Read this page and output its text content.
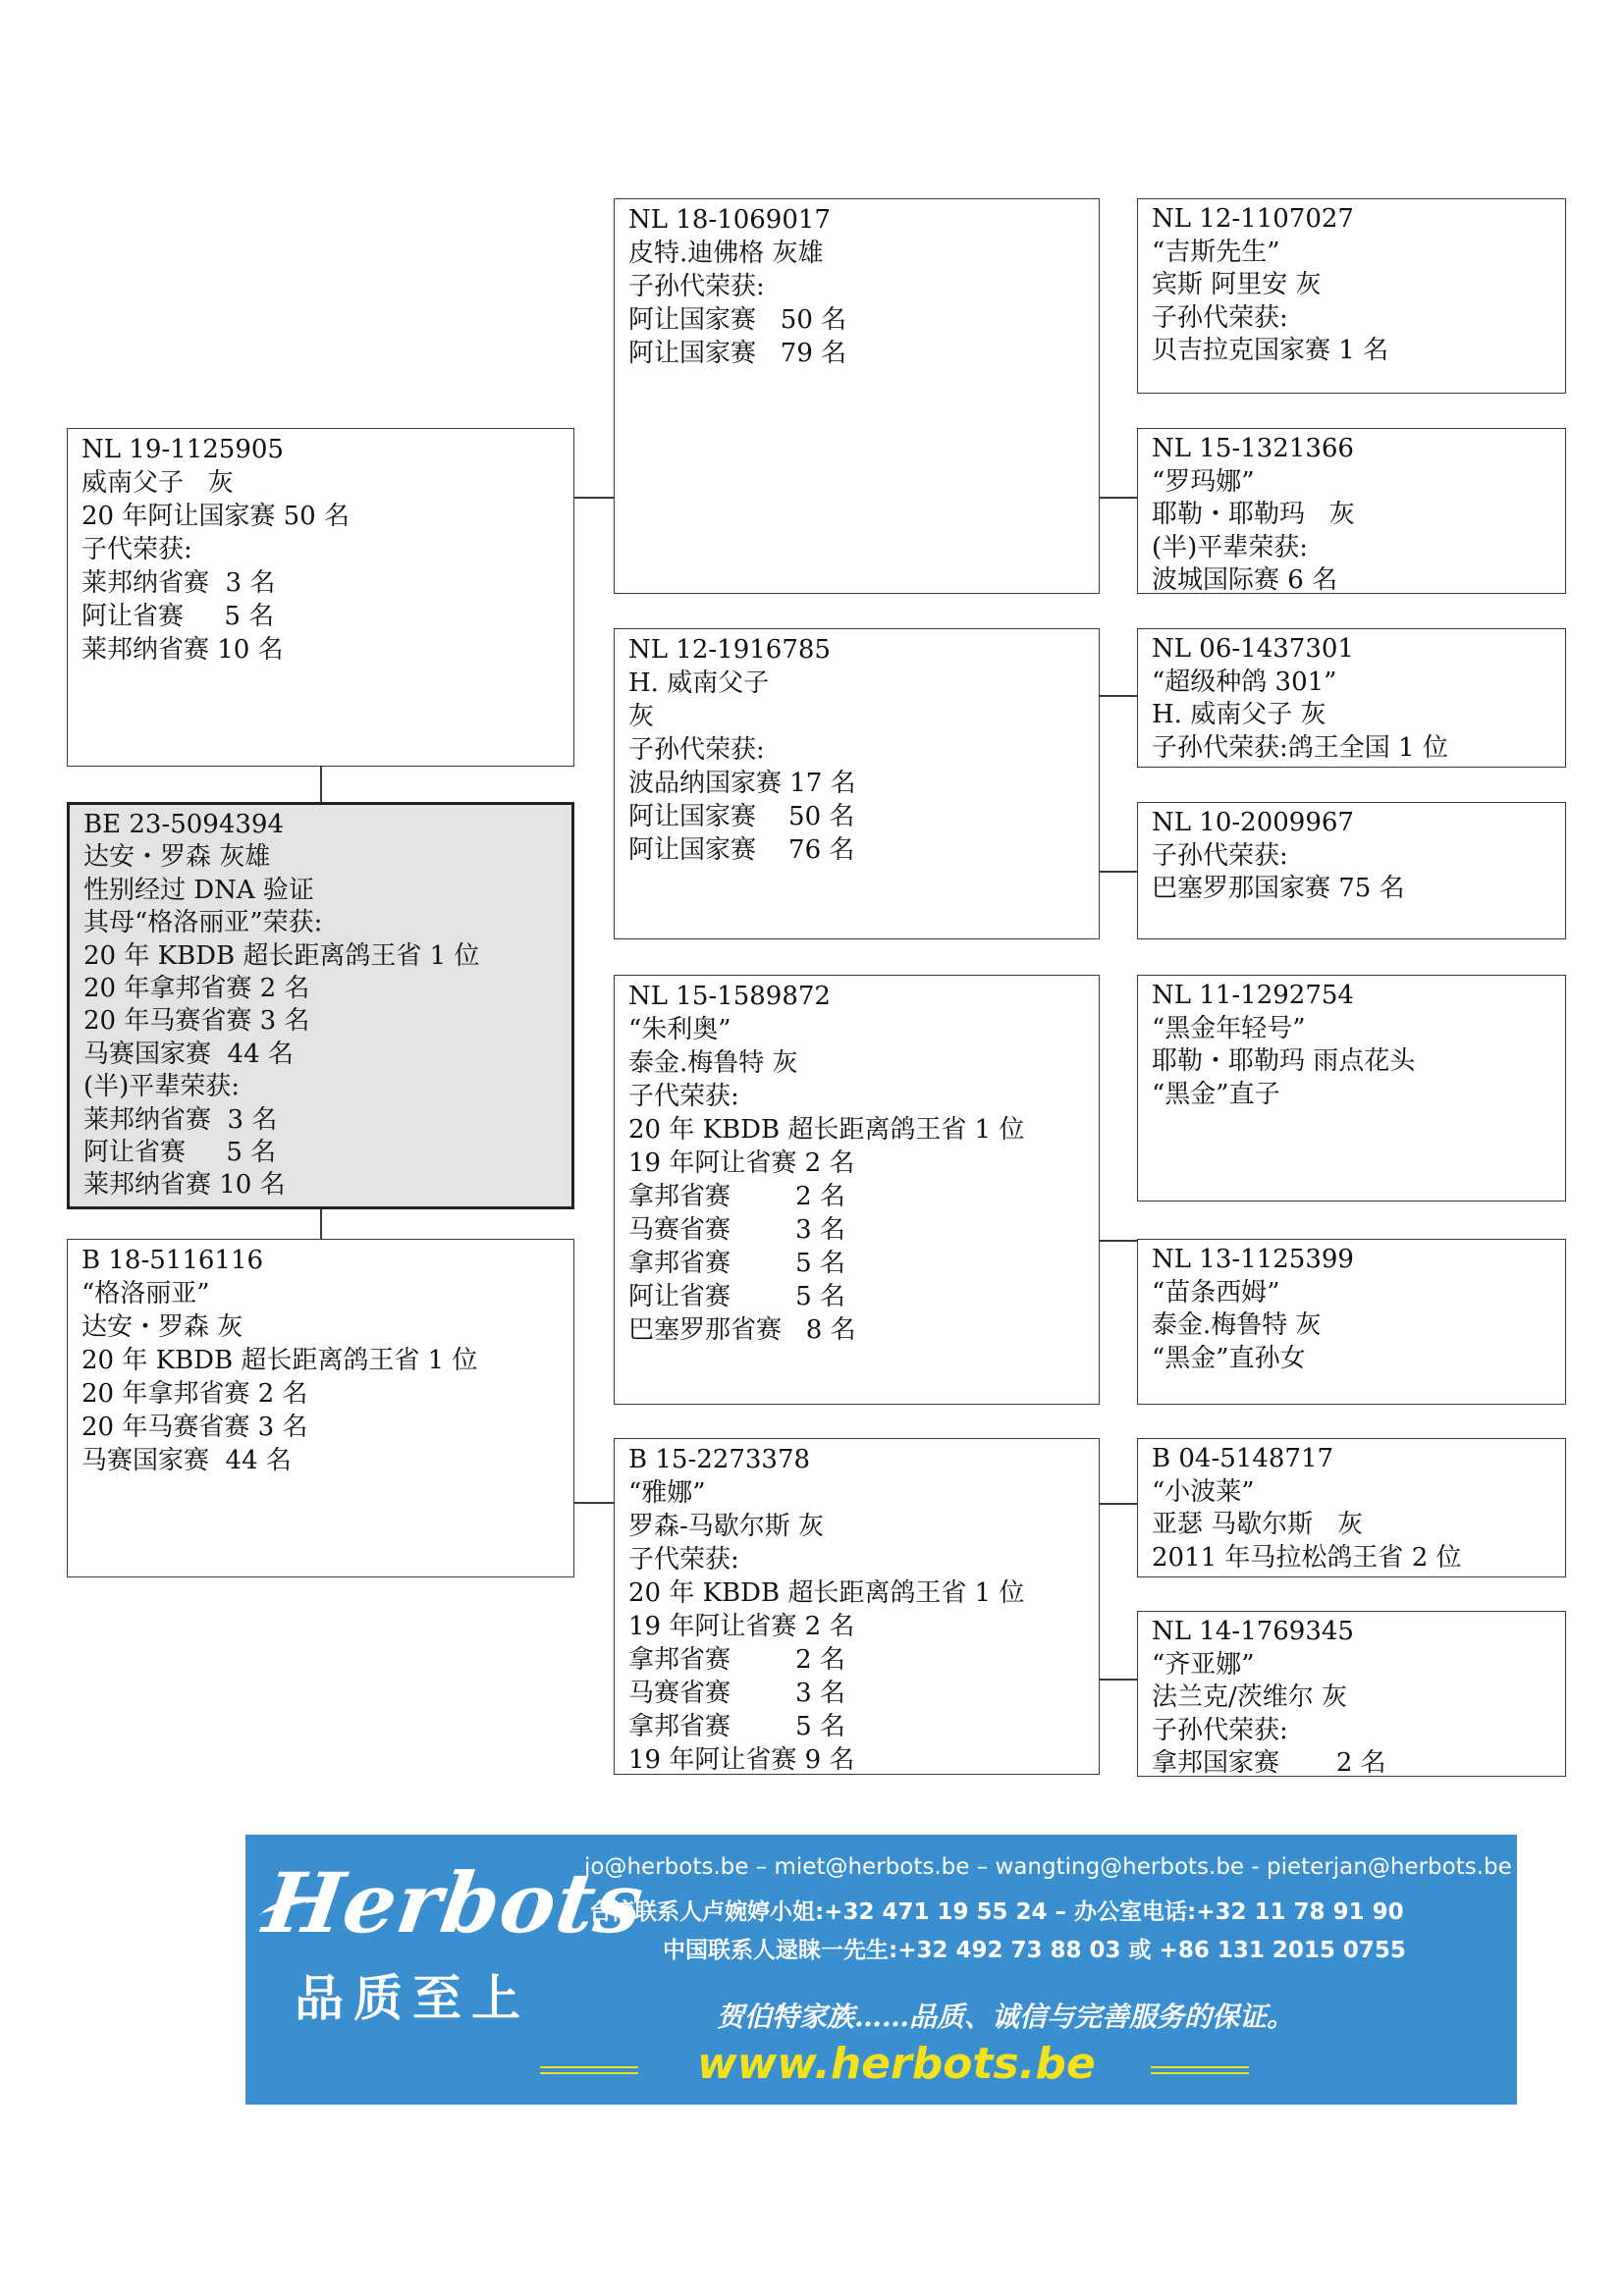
NL 19-1125905
威南父子   灰
20 年阿让国家赛 50 名
子代荣获:
莱邦纳省赛  3 名
阿让省赛     5 名
莱邦纳省赛 10 名
BE 23-5094394
达安・罗森 灰雄
性别经过 DNA 验证
其母“格洛丽亚”荣获:
20 年 KBDB 超长距离鸽王省 1 位
20 年拿邦省赛 2 名
20 年马赛省赛 3 名
马赛国家赛  44 名
(半)平辈荣获:
莱邦纳省赛  3 名
阿让省赛     5 名
莱邦纳省赛 10 名
B 18-5116116
“格洛丽亚”
达安・罗森 灰
20 年 KBDB 超长距离鸽王省 1 位
20 年拿邦省赛 2 名
20 年马赛省赛 3 名
马赛国家赛  44 名
NL 18-1069017
皮特.迪佛格 灰雄
子孙代荣获:
阿让国家赛   50 名
阿让国家赛   79 名
NL 12-1916785
H. 威南父子
灰
子孙代荣获:
波品纳国家赛 17 名
阿让国家赛    50 名
阿让国家赛    76 名
NL 15-1589872
“朱利奥”
泰金.梅鲁特 灰
子代荣获:
20 年 KBDB 超长距离鸽王省 1 位
19 年阿让省赛 2 名
拿邦省赛        2 名
马赛省赛        3 名
拿邦省赛        5 名
阿让省赛        5 名
巴塞罗那省赛   8 名
B 15-2273378
“雅娜”
罗森-马歇尔斯 灰
子代荣获:
20 年 KBDB 超长距离鸽王省 1 位
19 年阿让省赛 2 名
拿邦省赛        2 名
马赛省赛        3 名
拿邦省赛        5 名
19 年阿让省赛 9 名
NL 12-1107027
“吉斯先生”
宾斯 阿里安 灰
子孙代荣获:
贝吉拉克国家赛 1 名
NL 15-1321366
“罗玛娜”
耶勒・耶勒玛   灰
(半)平辈荣获:
波城国际赛 6 名
NL 06-1437301
“超级种鸽 301”
H. 威南父子 灰
子孙代荣获:鸽王全国 1 位
NL 10-2009967
子孙代荣获:
巴塞罗那国家赛 75 名
NL 11-1292754
“黑金年轻号”
耶勒・耶勒玛 雨点花头
“黑金”直子
NL 13-1125399
“苗条西姆”
泰金.梅鲁特 灰
“黑金”直孙女
B 04-5148717
“小波莱”
亚瑟 马歇尔斯   灰
2011 年马拉松鸽王省 2 位
NL 14-1769345
“齐亚娜”
法兰克/茨维尔 灰
子孙代荣获:
拿邦国家赛       2 名
Herbots
品质至上
jo@herbots.be – miet@herbots.be – wangting@herbots.be - pieterjan@herbots.be
台湾联系人卢婉婷小姐:+32 471 19 55 24 – 办公室电话:+32 11 78 91 90
中国联系人逯睐一先生:+32 492 73 88 03 或 +86 131 2015 0755
贺伯特家族……品质、诚信与完善服务的保证。
www.herbots.be
